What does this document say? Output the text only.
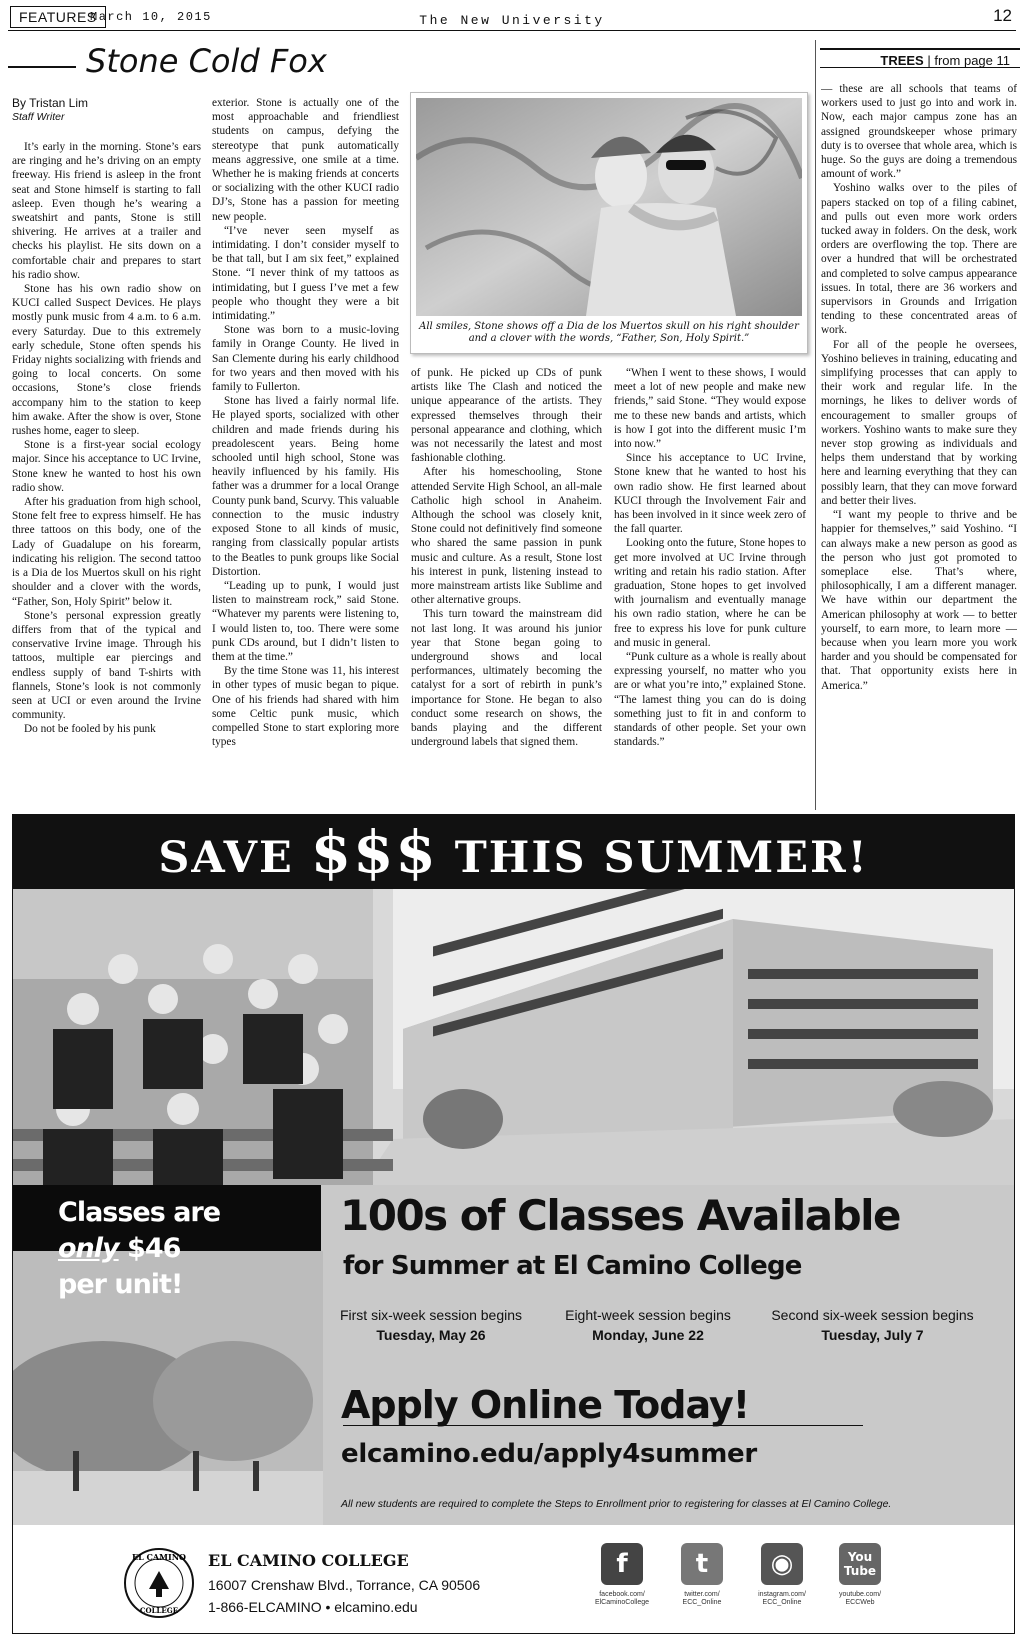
FEATURES
March 10, 2015	The New University	12
Stone Cold Fox
By Tristan Lim
Staff Writer

It’s early in the morning. Stone’s ears are ringing and he’s driving on an empty freeway. His friend is asleep in the front seat and Stone himself is starting to fall asleep. Even though he’s wearing a sweatshirt and pants, Stone is still shivering. He arrives at a trailer and checks his playlist. He sits down on a comfortable chair and prepares to start his radio show.

Stone has his own radio show on KUCI called Suspect Devices. He plays mostly punk music from 4 a.m. to 6 a.m. every Saturday. Due to this extremely early schedule, Stone often spends his Friday nights socializing with friends and going to local concerts. On some occasions, Stone’s close friends accompany him to the station to keep him awake. After the show is over, Stone rushes home, eager to sleep.

Stone is a first-year social ecology major. Since his acceptance to UC Irvine, Stone knew he wanted to host his own radio show.

After his graduation from high school, Stone felt free to express himself. He has three tattoos on this body, one of the Lady of Guadalupe on his forearm, indicating his religion. The second tattoo is a Dia de los Muertos skull on his right shoulder and a clover with the words, “Father, Son, Holy Spirit” below it.

Stone’s personal expression greatly differs from that of the typical and conservative Irvine image. Through his tattoos, multiple ear piercings and endless supply of band T-shirts with flannels, Stone’s look is not commonly seen at UCI or even around the Irvine community.

Do not be fooled by his punk

exterior. Stone is actually one of the most approachable and friendliest students on campus, defying the stereotype that punk automatically means aggressive, one smile at a time. Whether he is making friends at concerts or socializing with the other KUCI radio DJ’s, Stone has a passion for meeting new people.

“I’ve never seen myself as intimidating. I don’t consider myself to be that tall, but I am six feet,” explained Stone. “I never think of my tattoos as intimidating, but I guess I’ve met a few people who thought they were a bit intimidating.”

Stone was born to a music-loving family in Orange County. He lived in San Clemente during his early childhood for two years and then moved with his family to Fullerton.

Stone has lived a fairly normal life. He played sports, socialized with other children and made friends during his preadolescent years. Being home schooled until high school, Stone was heavily influenced by his family. His father was a drummer for a local Orange County punk band, Scurvy. This valuable connection to the music industry exposed Stone to all kinds of music, ranging from classically popular artists to the Beatles to punk groups like Social Distortion.

“Leading up to punk, I would just listen to mainstream rock,” said Stone. “Whatever my parents were listening to, I would listen to, too. There were some punk CDs around, but I didn’t listen to them at the time.”

By the time Stone was 11, his interest in other types of music began to pique. One of his friends had shared with him some Celtic punk music, which compelled Stone to start exploring more types

All smiles, Stone shows off a Dia de los Muertos skull on his right shoulder and a clover with the words, “Father, Son, Holy Spirit.”

of punk. He picked up CDs of punk artists like The Clash and noticed the unique appearance of the artists. They expressed themselves through their personal appearance and clothing, which was not necessarily the latest and most fashionable clothing.

After his homeschooling, Stone attended Servite High School, an all-male Catholic high school in Anaheim. Although the school was closely knit, Stone could not definitively find someone who shared the same passion in punk music and culture. As a result, Stone lost his interest in punk, listening instead to more mainstream artists like Sublime and other alternative groups.

This turn toward the mainstream did not last long. It was around his junior year that Stone began going to underground shows and local performances, ultimately becoming the catalyst for a sort of rebirth in punk’s importance for Stone. He began to also conduct some research on shows, the bands playing and the different underground labels that signed them.

“When I went to these shows, I would meet a lot of new people and make new friends,” said Stone. “They would expose me to these new bands and artists, which is how I got into the different music I’m into now.”

Since his acceptance to UC Irvine, Stone knew that he wanted to host his own radio show. He first learned about KUCI through the Involvement Fair and has been involved in it since week zero of the fall quarter.

Looking onto the future, Stone hopes to get more involved at UC Irvine through writing and retain his radio station. After graduation, Stone hopes to get involved with journalism and eventually manage his own radio station, where he can be free to express his love for punk culture and music in general.

“Punk culture as a whole is really about expressing yourself, no matter who you are or what you’re into,” explained Stone. “The lamest thing you can do is doing something just to fit in and conform to standards of other people. Set your own standards.”

TREES | from page 11

— these are all schools that teams of workers used to just go into and work in. Now, each major campus zone has an assigned groundskeeper whose primary duty is to oversee that whole area, which is huge. So the guys are doing a tremendous amount of work.”

Yoshino walks over to the piles of papers stacked on top of a filing cabinet, and pulls out even more work orders tucked away in folders. On the desk, work orders are overflowing the top. There are over a hundred that will be orchestrated and completed to solve campus appearance issues. In total, there are 36 workers and supervisors in Grounds and Irrigation tending to these concentrated areas of work.

For all of the people he oversees, Yoshino believes in training, educating and simplifying processes that can apply to their work and regular life. In the mornings, he likes to deliver words of encouragement to smaller groups of workers. Yoshino wants to make sure they never stop growing as individuals and helps them understand that by working here and learning everything that they can possibly learn, that they can move forward and better their lives.

“I want my people to thrive and be happier for themselves,” said Yoshino. “I can always make a new person as good as the person who just got promoted to someplace else. That’s where, philosophically, I am a different manager. We have within our department the American philosophy at work — to better yourself, to earn more, to learn more — because when you learn more you work harder and you should be compensated for that. That opportunity exists here in America.”

SAVE $$$ THIS SUMMER!
Classes are
only $46
per unit!
100s of Classes Available
for Summer at El Camino College
First six-week session begins
Tuesday, May 26
Eight-week session begins
Monday, June 22
Second six-week session begins
Tuesday, July 7
Apply Online Today!
elcamino.edu/apply4summer
All new students are required to complete the Steps to Enrollment prior to registering for classes at El Camino College.
EL CAMINO
COLLEGE
EL CAMINO COLLEGE
16007 Crenshaw Blvd., Torrance, CA 90506
1-866-ELCAMINO • elcamino.edu
f
facebook.com/
ElCaminoCollege
t
twitter.com/
ECC_Online
◉
instagram.com/
ECC_Online
You Tube
youtube.com/
ECCWeb
